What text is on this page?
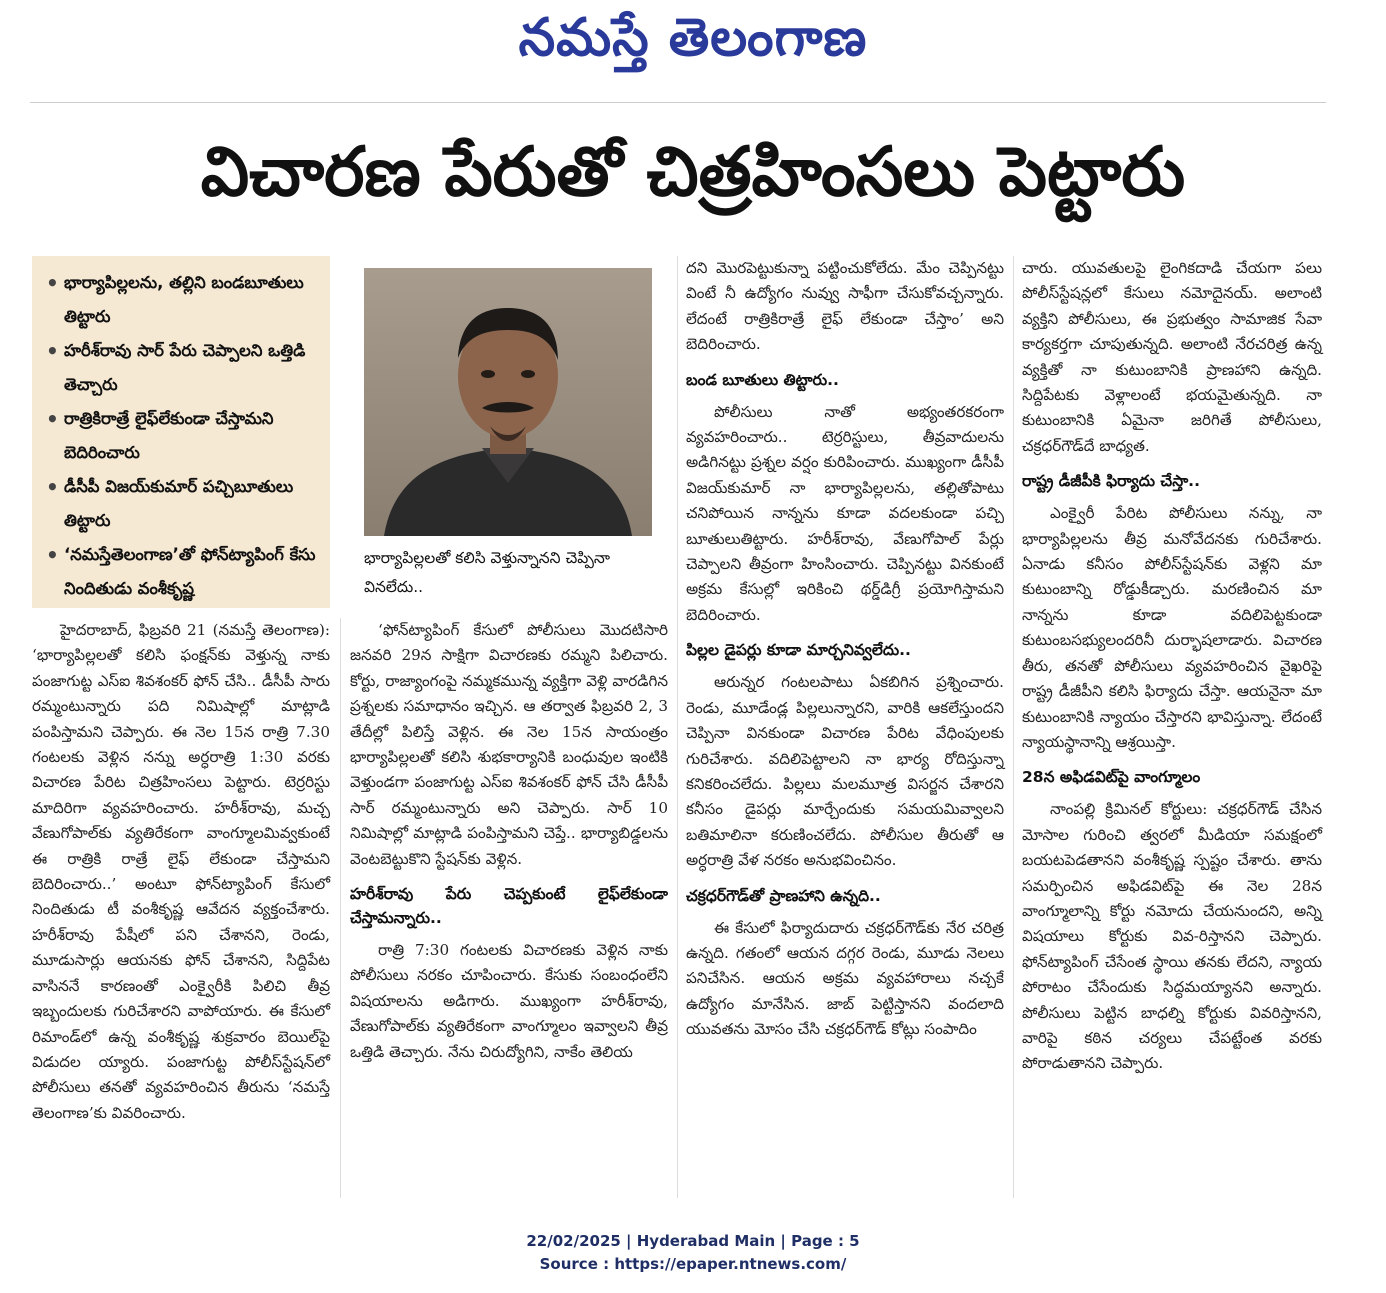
నమస్తే తెలంగాణ
విచారణ పేరుతో చిత్రహింసలు పెట్టారు
• భార్యాపిల్లలను, తల్లిని బండబూతులు తిట్టారు
• హరీశ్‌రావు సార్ పేరు చెప్పాలని ఒత్తిడి తెచ్చారు
• రాత్రికిరాత్రే లైఫ్‌లేకుండా చేస్తామని బెదిరించారు
• డీసీపీ విజయ్‌కుమార్ పచ్చిబూతులు తిట్టారు
• ‘నమస్తేతెలంగాణ’తో ఫోన్‌ట్యాపింగ్ కేసు నిందితుడు వంశీకృష్ణ
భార్యాపిల్లలతో కలిసి వెళ్తున్నానని చెప్పినా వినలేదు..

హైదరాబాద్, ఫిబ్రవరి 21 (నమస్తే తెలంగాణ): ‘భార్యాపిల్లలతో కలిసి ఫంక్షన్‌కు వెళ్తున్న నాకు పంజాగుట్ట ఎస్‌ఐ శివశంకర్ ఫోన్ చేసి.. డీసీపీ సారు రమ్మంటున్నారు పది నిమిషాల్లో మాట్లాడి పంపిస్తామని చెప్పారు. ఈ నెల 15న రాత్రి 7.30 గంటలకు వెళ్లిన నన్ను అర్ధరాత్రి 1:30 వరకు విచారణ పేరిట చిత్రహింసలు పెట్టారు. టెర్రరిస్టు మాదిరిగా వ్యవహరించారు. హరీశ్‌రావు, మచ్చ వేణుగోపాల్‌కు వ్యతిరేకంగా వాంగ్మూలమివ్వకుంటే ఈ రాత్రికి రాత్రే లైఫ్ లేకుండా చేస్తామని బెదిరించారు..’ అంటూ ఫోన్‌ట్యాపింగ్ కేసులో నిందితుడు టీ వంశీకృష్ణ ఆవేదన వ్యక్తంచేశారు. హరీశ్‌రావు పేషీలో పని చేశానని, రెండు, మూడుసార్లు ఆయనకు ఫోన్ చేశానని, సిద్దిపేట వాసిననే కారణంతో ఎంక్వైరీకి పిలిచి తీవ్ర ఇబ్బందులకు గురిచేశారని వాపోయారు. ఈ కేసులో రిమాండ్‌లో ఉన్న వంశీకృష్ణ శుక్రవారం బెయిల్‌పై విడుదల య్యారు. పంజాగుట్ట పోలీస్‌స్టేషన్‌లో పోలీసులు తనతో వ్యవహరించిన తీరును ‘నమస్తే తెలంగాణ’కు వివరించారు.

‘ఫోన్‌ట్యాపింగ్ కేసులో పోలీసులు మొదటిసారి జనవరి 29న సాక్షిగా విచారణకు రమ్మని పిలిచారు. కోర్టు, రాజ్యాంగంపై నమ్మకమున్న వ్యక్తిగా వెళ్లి వారడిగిన ప్రశ్నలకు సమాధానం ఇచ్చిన. ఆ తర్వాత ఫిబ్రవరి 2, 3 తేదీల్లో పిలిస్తే వెళ్లిన. ఈ నెల 15న సాయంత్రం భార్యాపిల్లలతో కలిసి శుభకార్యానికి బంధువుల ఇంటికి వెళ్తుండగా పంజాగుట్ట ఎస్‌ఐ శివశంకర్ ఫోన్ చేసి డీసీపీ సార్ రమ్మంటున్నారు అని చెప్పారు. సార్ 10 నిమిషాల్లో మాట్లాడి పంపిస్తామని చెప్తే.. భార్యాబిడ్డలను వెంటబెట్టుకొని స్టేషన్‌కు వెళ్లిన.

హరీశ్‌రావు పేరు చెప్పకుంటే లైఫ్‌లేకుండా చేస్తామన్నారు..

రాత్రి 7:30 గంటలకు విచారణకు వెళ్లిన నాకు పోలీసులు నరకం చూపించారు. కేసుకు సంబంధంలేని విషయాలను అడిగారు. ముఖ్యంగా హరీశ్‌రావు, వేణుగోపాల్‌కు వ్యతిరేకంగా వాంగ్మూలం ఇవ్వాలని తీవ్ర ఒత్తిడి తెచ్చారు. నేను చిరుద్యోగిని, నాకేం తెలియ

దని మొరపెట్టుకున్నా పట్టించుకోలేదు. మేం చెప్పినట్టు వింటే నీ ఉద్యోగం నువ్వు సాఫీగా చేసుకోవచ్చన్నారు. లేదంటే రాత్రికిరాత్రే లైఫ్ లేకుండా చేస్తాం’ అని బెదిరించారు.

బండ బూతులు తిట్టారు..

పోలీసులు నాతో అభ్యంతరకరంగా వ్యవహరించారు.. టెర్రరిస్టులు, తీవ్రవాదులను అడిగినట్టు ప్రశ్నల వర్షం కురిపించారు. ముఖ్యంగా డీసీపీ విజయ్‌కుమార్ నా భార్యాపిల్లలను, తల్లితోపాటు చనిపోయిన నాన్నను కూడా వదలకుండా పచ్చి బూతులుతిట్టారు. హరీశ్‌రావు, వేణుగోపాల్ పేర్లు చెప్పాలని తీవ్రంగా హింసించారు. చెప్పినట్టు వినకుంటే అక్రమ కేసుల్లో ఇరికించి థర్డ్‌డిగ్రీ ప్రయోగిస్తామని బెదిరించారు.

పిల్లల డైపర్లు కూడా మార్చనివ్వలేదు..

ఆరున్నర గంటలపాటు ఏకబిగిన ప్రశ్నించారు. రెండు, మూడేండ్ల పిల్లలున్నారని, వారికి ఆకలేస్తుందని చెప్పినా వినకుండా విచారణ పేరిట వేధింపులకు గురిచేశారు. వదిలిపెట్టాలని నా భార్య రోదిస్తున్నా కనికరించలేదు. పిల్లలు మలమూత్ర విసర్జన చేశారని కనీసం డైపర్లు మార్చేందుకు సమయమివ్వాలని బతిమాలినా కరుణించలేదు. పోలీసుల తీరుతో ఆ అర్ధరాత్రి వేళ నరకం అనుభవించినం.

చక్రధర్‌గౌడ్‌తో ప్రాణహాని ఉన్నది..

ఈ కేసులో ఫిర్యాదుదారు చక్రధర్‌గౌడ్‌కు నేర చరిత్ర ఉన్నది. గతంలో ఆయన దగ్గర రెండు, మూడు నెలలు పనిచేసిన. ఆయన అక్రమ వ్యవహారాలు నచ్చకే ఉద్యోగం మానేసిన. జాబ్ పెట్టిస్తానని వందలాది యువతను మోసం చేసి చక్రధర్‌గౌడ్ కోట్లు సంపాదిం

చారు. యువతులపై లైంగికదాడి చేయగా పలు పోలీస్‌స్టేషన్లలో కేసులు నమోదైనయ్. అలాంటి వ్యక్తిని పోలీసులు, ఈ ప్రభుత్వం సామాజిక సేవా కార్యకర్తగా చూపుతున్నది. అలాంటి నేరచరిత్ర ఉన్న వ్యక్తితో నా కుటుంబానికి ప్రాణహాని ఉన్నది. సిద్దిపేటకు వెళ్లాలంటే భయమైతున్నది. నా కుటుంబానికి ఏమైనా జరిగితే పోలీసులు, చక్రధర్‌గౌడ్‌దే బాధ్యత.

రాష్ట్ర డీజీపీకి ఫిర్యాదు చేస్తా..

ఎంక్వైరీ పేరిట పోలీసులు నన్ను, నా భార్యాపిల్లలను తీవ్ర మనోవేదనకు గురిచేశారు. ఏనాడు కనీసం పోలీస్‌స్టేషన్‌కు వెళ్లని మా కుటుంబాన్ని రోడ్డుకీడ్చారు. మరణించిన మా నాన్నను కూడా వదిలిపెట్టకుండా కుటుంబసభ్యులందరినీ దుర్భాషలాడారు. విచారణ తీరు, తనతో పోలీసులు వ్యవహరించిన వైఖరిపై రాష్ట్ర డీజీపీని కలిసి ఫిర్యాదు చేస్తా. ఆయనైనా మా కుటుంబానికి న్యాయం చేస్తారని భావిస్తున్నా. లేదంటే న్యాయస్థానాన్ని ఆశ్రయిస్తా.

28న అఫిడవిట్‌పై వాంగ్మూలం

నాంపల్లి క్రిమినల్ కోర్టులు: చక్రధర్‌గౌడ్ చేసిన మోసాల గురించి త్వరలో మీడియా సమక్షంలో బయటపెడతానని వంశీకృష్ణ స్పష్టం చేశారు. తాను సమర్పించిన అఫిడవిట్‌పై ఈ నెల 28న వాంగ్మూలాన్ని కోర్టు నమోదు చేయనుందని, అన్ని విషయాలు కోర్టుకు వివ-రిస్తానని చెప్పారు. ఫోన్‌ట్యాపింగ్ చేసేంత స్థాయి తనకు లేదని, న్యాయ పోరాటం చేసేందుకు సిద్ధమయ్యానని అన్నారు. పోలీసులు పెట్టిన బాధల్ని కోర్టుకు వివరిస్తానని, వారిపై కఠిన చర్యలు చేపట్టేంత వరకు పోరాడుతానని చెప్పారు.

22/02/2025 | Hyderabad Main | Page : 5
Source : https://epaper.ntnews.com/
